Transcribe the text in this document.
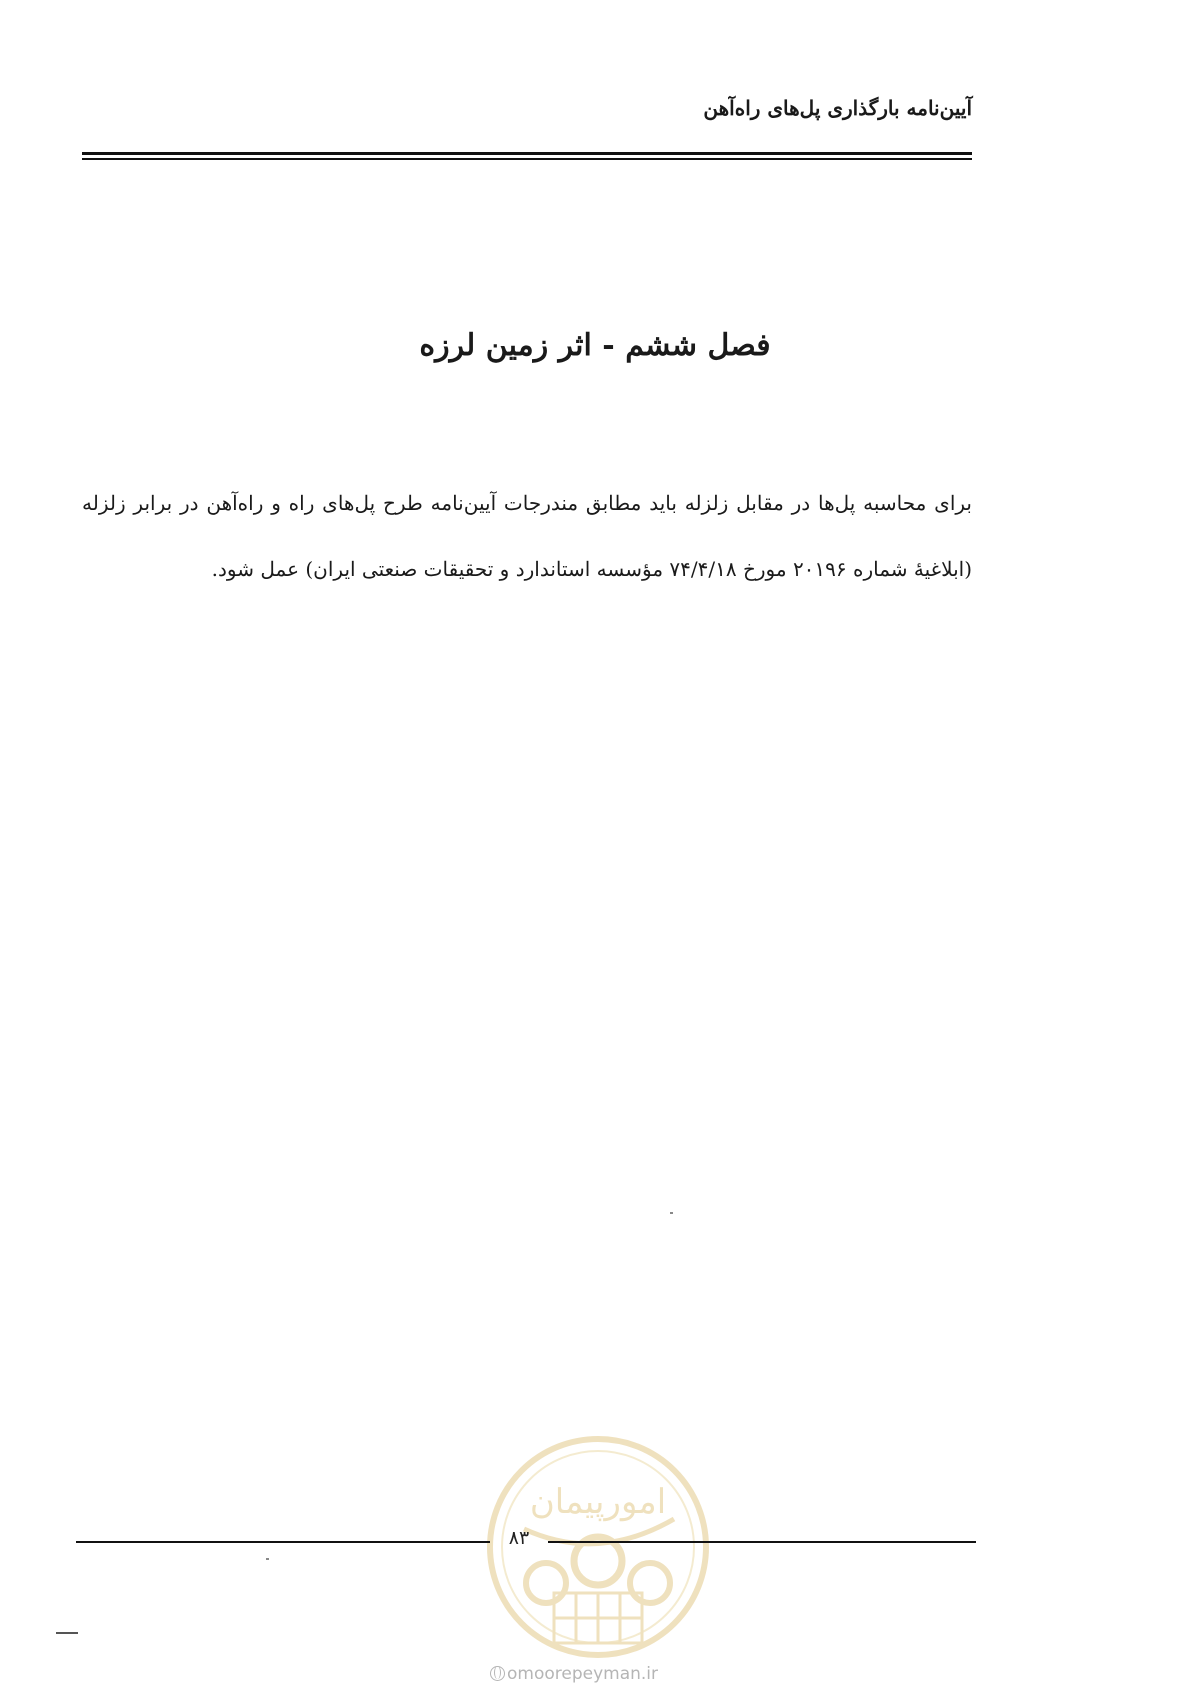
آیین‌نامه بارگذاری پل‌های راه‌آهن
فصل ششم - اثر زمین لرزه
برای محاسبه پل‌ها در مقابل زلزله باید مطابق مندرجات آیین‌نامه طرح پل‌های راه و راه‌آهن در برابر زلزله (ابلاغیهٔ شماره ۲۰۱۹۶ مورخ ۷۴/۴/۱۸ مؤسسه استاندارد و تحقیقات صنعتی ایران) عمل شود.
امورپیمان
۸۳
omoorepeyman.ir
